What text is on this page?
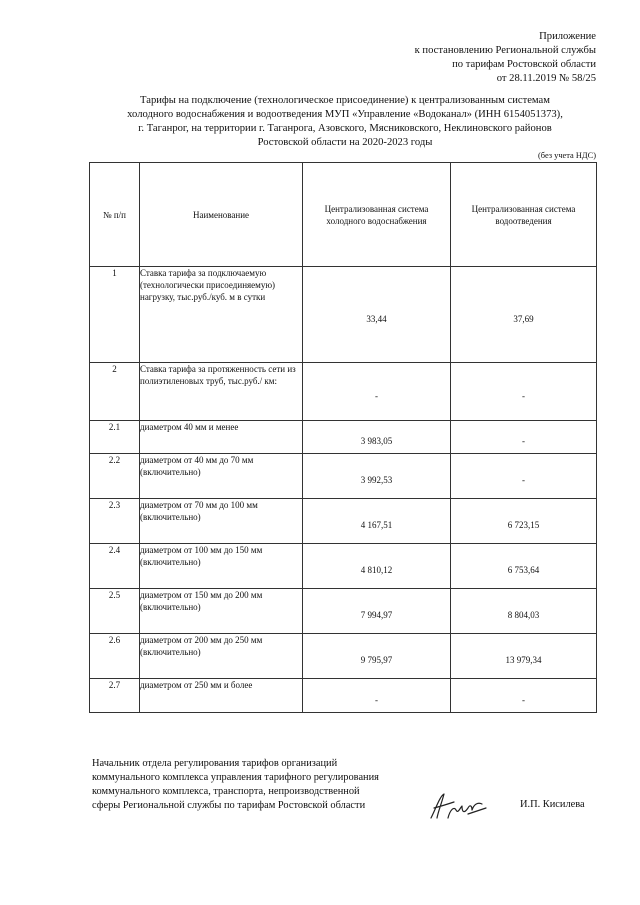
Приложение
к постановлению Региональной службы
по тарифам Ростовской области
от 28.11.2019 № 58/25
Тарифы на подключение (технологическое присоединение) к централизованным системам
холодного водоснабжения и водоотведения МУП «Управление «Водоканал» (ИНН 6154051373),
г. Таганрог, на территории г. Таганрога, Азовского, Мясниковского, Неклиновского районов
Ростовской области на 2020-2023 годы
(без учета НДС)
№ п/п	Наименование	Централизованная система холодного водоснабжения	Централизованная система водоотведения
1	Ставка тарифа за подключаемую (технологически присоединяемую) нагрузку, тыс.руб./куб. м в сутки	33,44	37,69
2	Ставка тарифа за протяженность сети из полиэтиленовых труб, тыс.руб./ км:	-	-
2.1	диаметром 40 мм и менее	3 983,05	-
2.2	диаметром от 40 мм до 70 мм (включительно)	3 992,53	-
2.3	диаметром от 70 мм до 100 мм (включительно)	4 167,51	6 723,15
2.4	диаметром от 100 мм до 150 мм (включительно)	4 810,12	6 753,64
2.5	диаметром от 150 мм до 200 мм (включительно)	7 994,97	8 804,03
2.6	диаметром от 200 мм до 250 мм (включительно)	9 795,97	13 979,34
2.7	диаметром от 250 мм и более	-	-
Начальник отдела регулирования тарифов организаций
коммунального комплекса управления тарифного регулирования
коммунального комплекса, транспорта, непроизводственной
сферы Региональной службы по тарифам Ростовской области	И.П. Кисилева
